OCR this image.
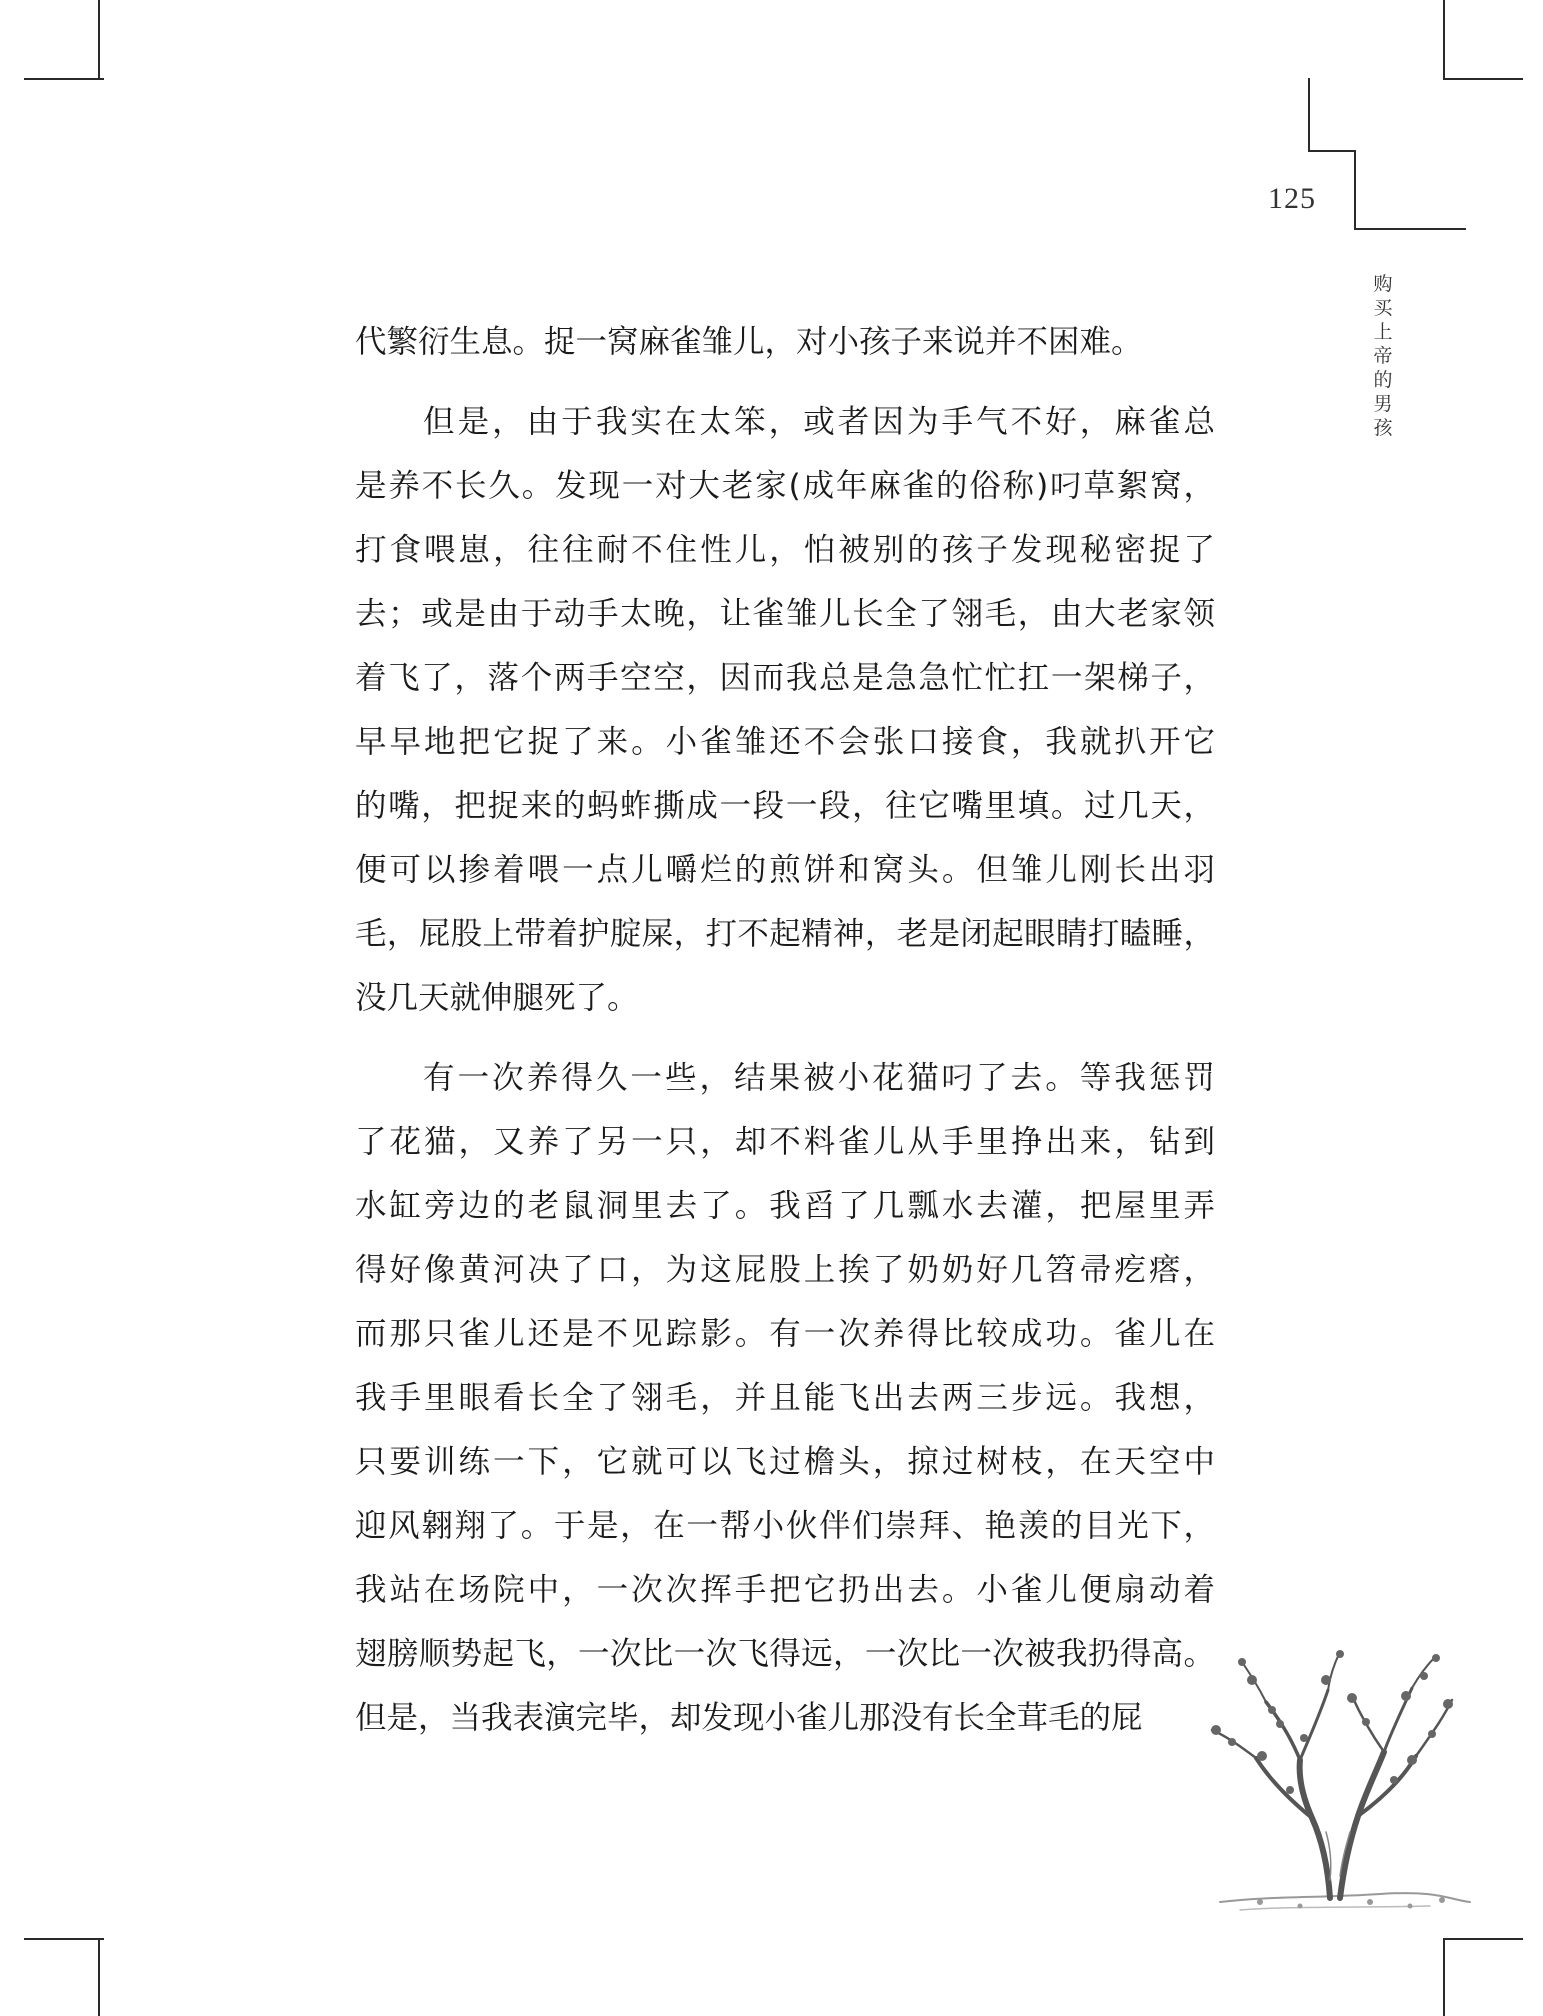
125
购买上帝的男孩
代繁衍生息。捉一窝麻雀雏儿，对小孩子来说并不困难。
但是，由于我实在太笨，或者因为手气不好，麻雀总
是养不长久。发现一对大老家(成年麻雀的俗称)叼草絮窝，
打食喂崽，往往耐不住性儿，怕被别的孩子发现秘密捉了
去；或是由于动手太晚，让雀雏儿长全了翎毛，由大老家领
着飞了，落个两手空空，因而我总是急急忙忙扛一架梯子，
早早地把它捉了来。小雀雏还不会张口接食，我就扒开它
的嘴，把捉来的蚂蚱撕成一段一段，往它嘴里填。过几天，
便可以掺着喂一点儿嚼烂的煎饼和窝头。但雏儿刚长出羽
毛，屁股上带着护腚屎，打不起精神，老是闭起眼睛打瞌睡，
没几天就伸腿死了。
有一次养得久一些，结果被小花猫叼了去。等我惩罚
了花猫，又养了另一只，却不料雀儿从手里挣出来，钻到
水缸旁边的老鼠洞里去了。我舀了几瓢水去灌，把屋里弄
得好像黄河决了口，为这屁股上挨了奶奶好几笤帚疙瘩，
而那只雀儿还是不见踪影。有一次养得比较成功。雀儿在
我手里眼看长全了翎毛，并且能飞出去两三步远。我想，
只要训练一下，它就可以飞过檐头，掠过树枝，在天空中
迎风翱翔了。于是，在一帮小伙伴们崇拜、艳羡的目光下，
我站在场院中，一次次挥手把它扔出去。小雀儿便扇动着
翅膀顺势起飞，一次比一次飞得远，一次比一次被我扔得高。
但是，当我表演完毕，却发现小雀儿那没有长全茸毛的屁
